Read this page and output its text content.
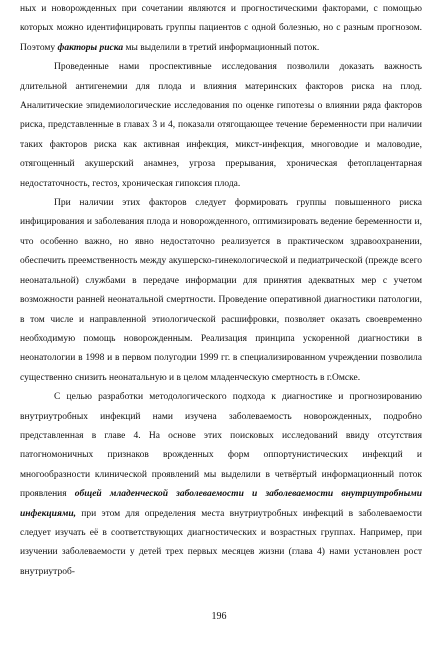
ных и новорожденных при сочетании являются и прогностическими факторами, с помощью которых можно идентифицировать группы пациентов с одной болезнью, но с разным прогнозом. Поэтому факторы риска мы выделили в третий информационный поток.

Проведенные нами проспективные исследования позволили доказать важность длительной антигенемии для плода и влияния материнских факторов риска на плод. Аналитические эпидемиологические исследования по оценке гипотезы о влиянии ряда факторов риска, представленные в главах 3 и 4, показали отягощающее течение беременности при наличии таких факторов риска как активная инфекция, микст-инфекция, многоводие и маловодие, отягощенный акушерский анамнез, угроза прерывания, хроническая фетоплацентарная недостаточность, гестоз, хроническая гипоксия плода.

При наличии этих факторов следует формировать группы повышенного риска инфицирования и заболевания плода и новорожденного, оптимизировать ведение беременности и, что особенно важно, но явно недостаточно реализуется в практическом здравоохранении, обеспечить преемственность между акушерско-гинекологической и педиатрической (прежде всего неонатальной) службами в передаче информации для принятия адекватных мер с учетом возможности ранней неонатальной смертности. Проведение оперативной диагностики патологии, в том числе и направленной этиологической расшифровки, позволяет оказать своевременно необходимую помощь новорожденным. Реализация принципа ускоренной диагностики в неонатологии в 1998 и в первом полугодии 1999 гг. в специализированном учреждении позволила существенно снизить неонатальную и в целом младенческую смертность в г.Омске.

С целью разработки методологического подхода к диагностике и прогнозированию внутриутробных инфекций нами изучена заболеваемость новорожденных, подробно представленная в главе 4. На основе этих поисковых исследований ввиду отсутствия патогномоничных признаков врожденных форм оппортунистических инфекций и многообразности клинической проявлений мы выделили в четвёртый информационный поток проявления общей младенческой заболеваемости и заболеваемости внутриутробными инфекциями, при этом для определения места внутриутробных инфекций в заболеваемости следует изучать её в соответствующих диагностических и возрастных группах. Например, при изучении заболеваемости у детей трех первых месяцев жизни (глава 4) нами установлен рост внутриутроб-

196
